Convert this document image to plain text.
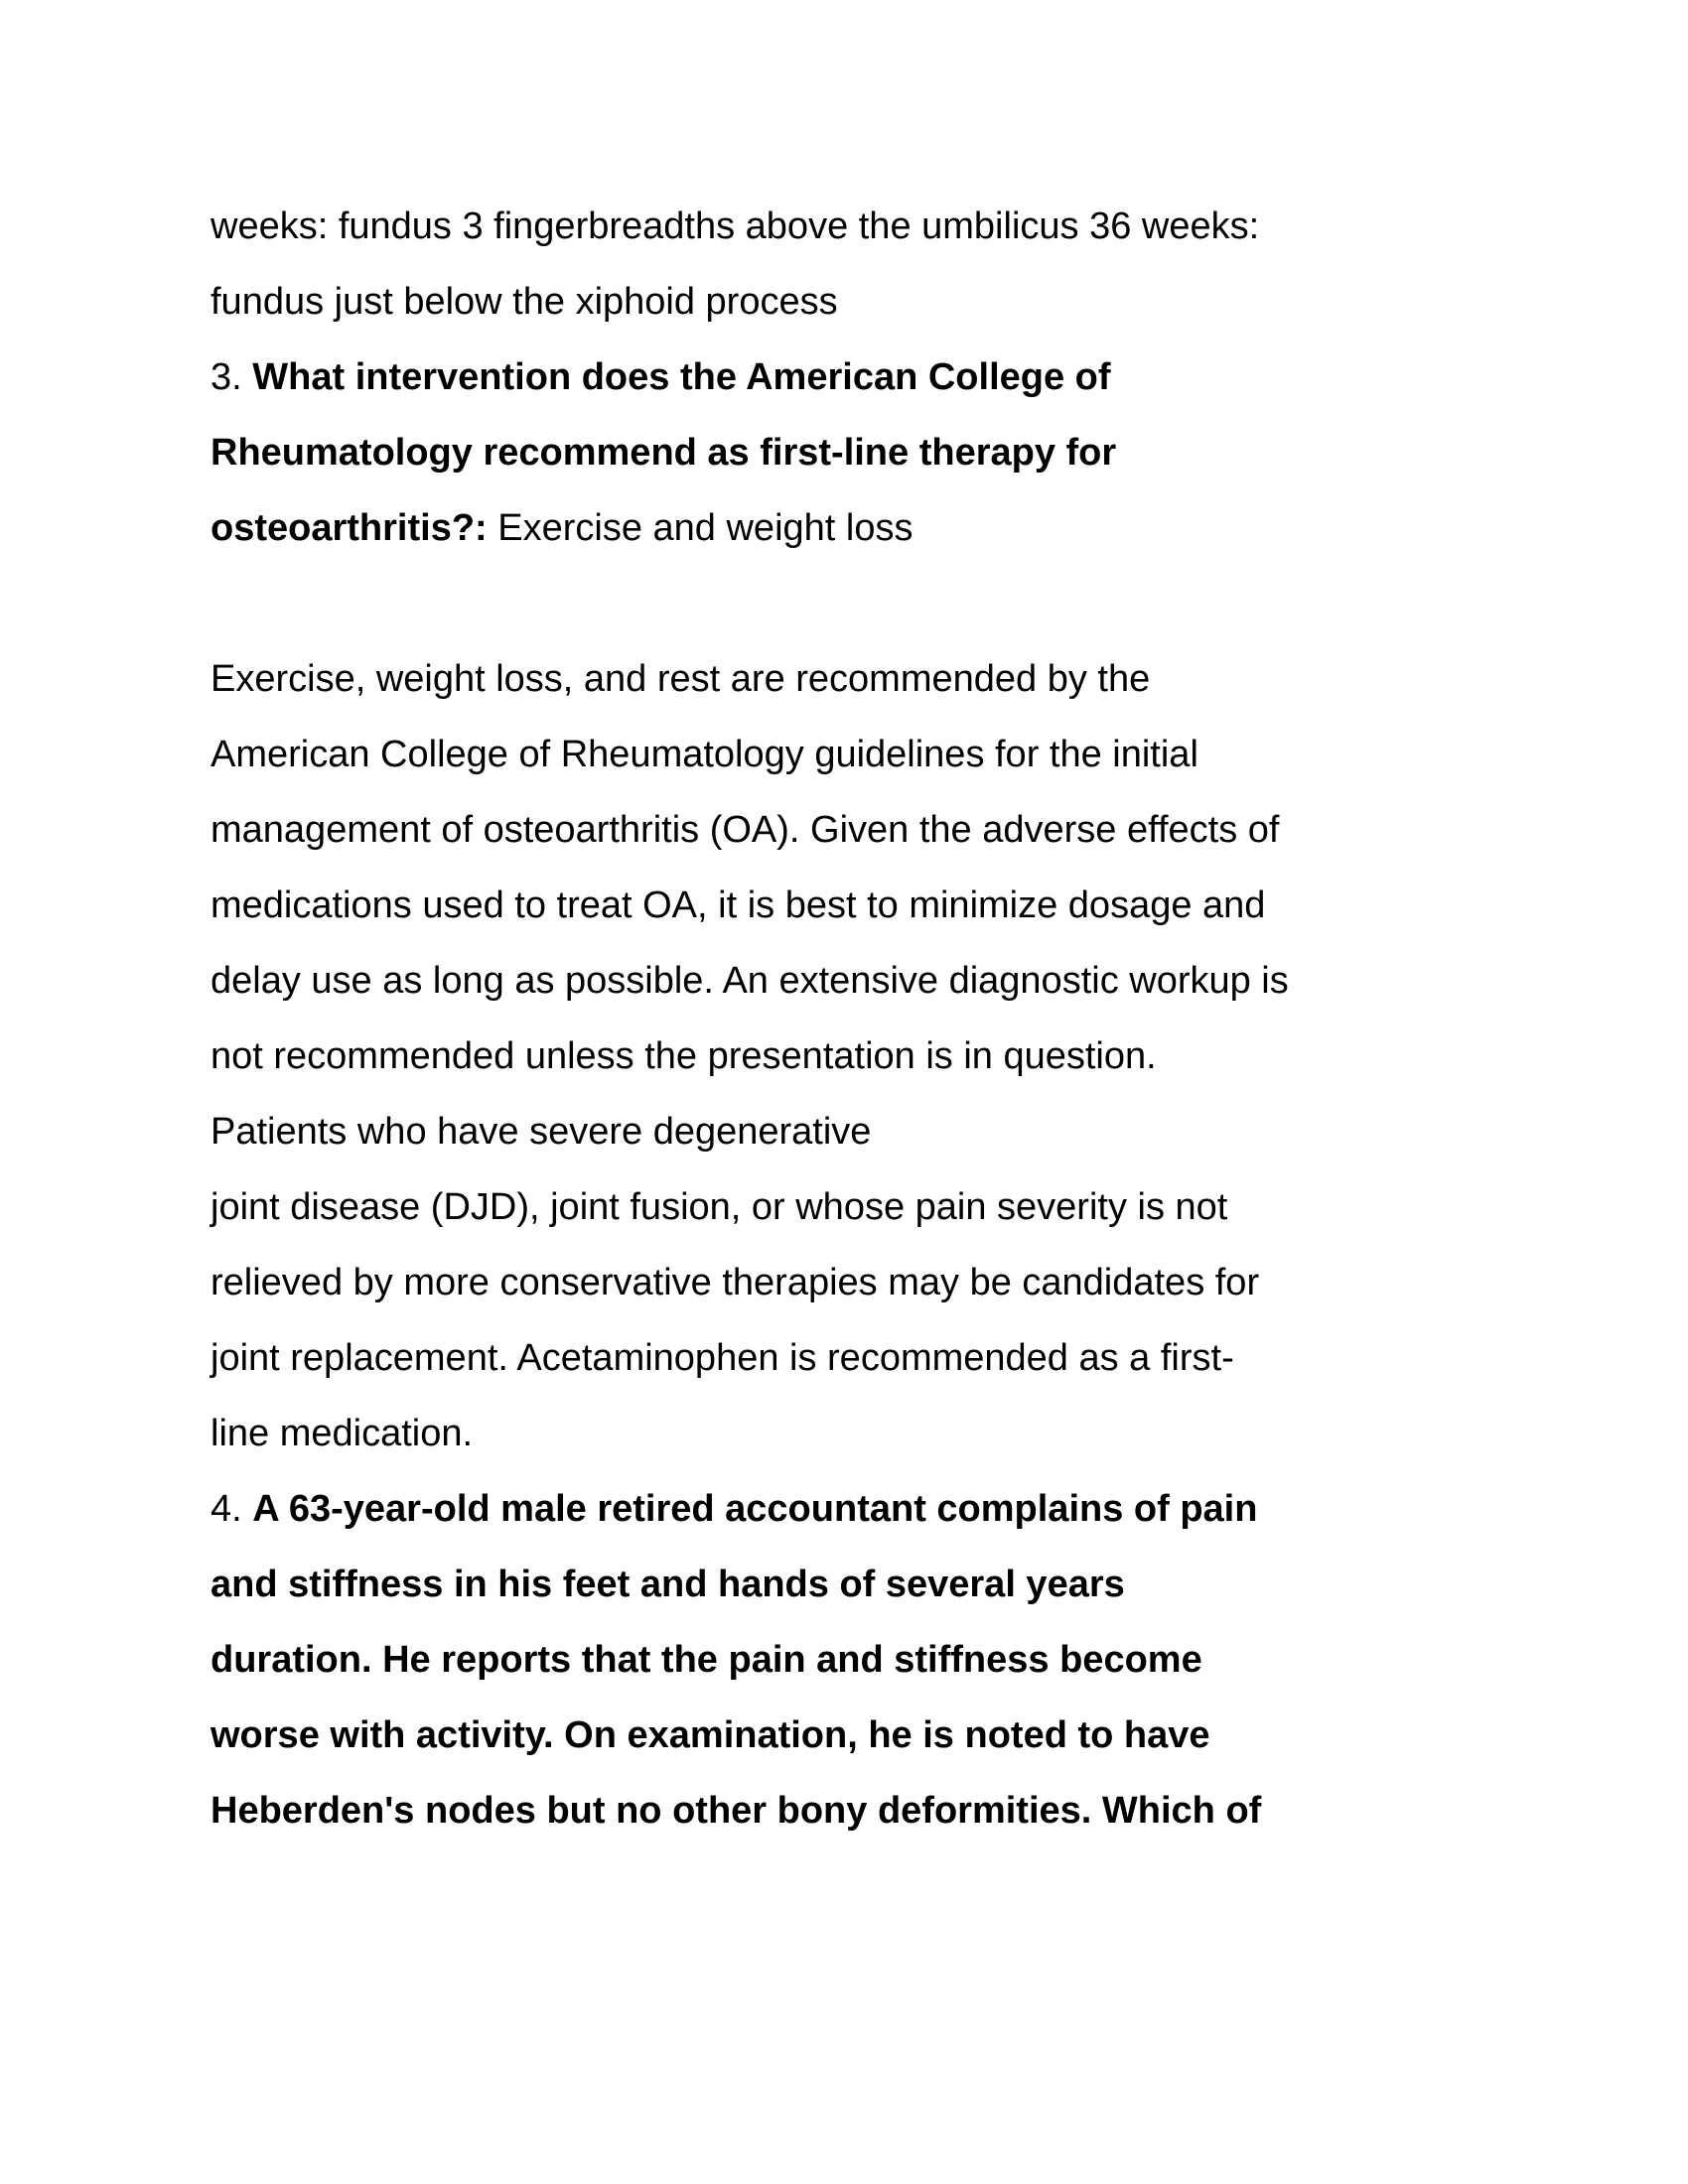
weeks: fundus 3 fingerbreadths above the umbilicus 36 weeks:
fundus just below the xiphoid process
3. What intervention does the American College of
Rheumatology recommend as first-line therapy for
osteoarthritis?: Exercise and weight loss
Exercise, weight loss, and rest are recommended by the
American College of Rheumatology guidelines for the initial
management of osteoarthritis (OA). Given the adverse effects of
medications used to treat OA, it is best to minimize dosage and
delay use as long as possible. An extensive diagnostic workup is
not recommended unless the presentation is in question.
Patients who have severe degenerative
joint disease (DJD), joint fusion, or whose pain severity is not
relieved by more conservative therapies may be candidates for
joint replacement. Acetaminophen is recommended as a first-
line medication.
4. A 63-year-old male retired accountant complains of pain
and stiffness in his feet and hands of several years
duration. He reports that the pain and stiffness become
worse with activity. On examination, he is noted to have
Heberden's nodes but no other bony deformities. Which of
